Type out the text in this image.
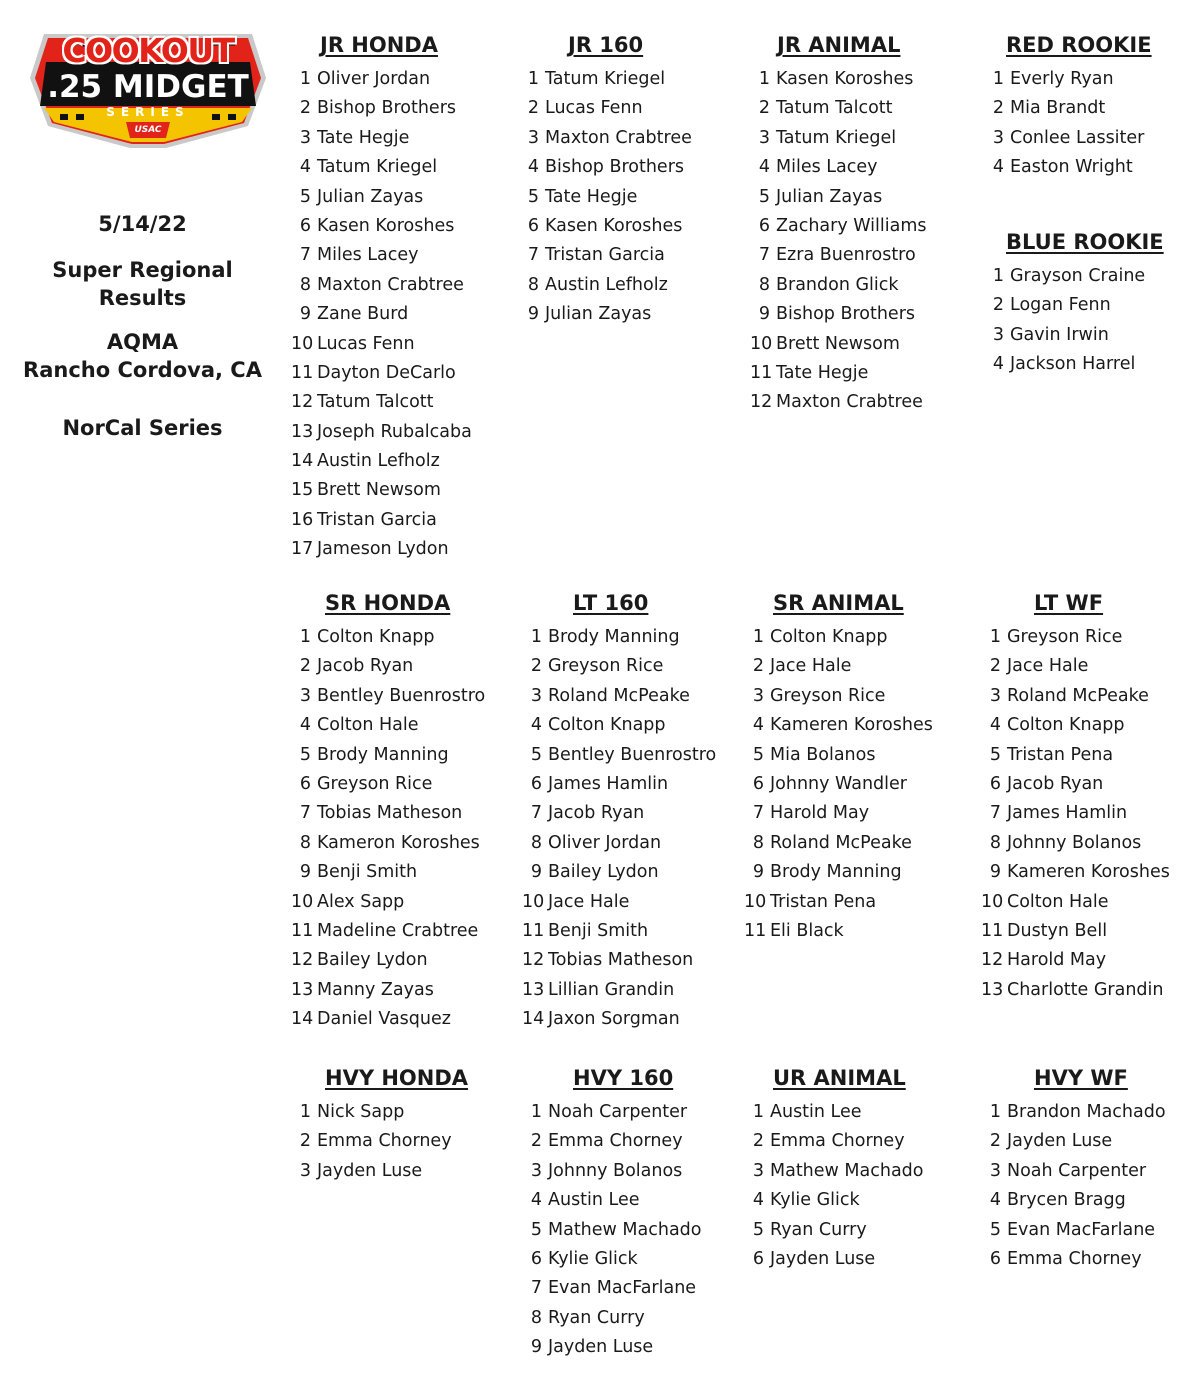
COOKOUT
.25 MIDGET
SERIES
USAC
5/14/22
Super Regional Results
AQMA
Rancho Cordova, CA
NorCal Series
JR HONDA
1 Oliver Jordan
2 Bishop Brothers
3 Tate Hegje
4 Tatum Kriegel
5 Julian Zayas
6 Kasen Koroshes
7 Miles Lacey
8 Maxton Crabtree
9 Zane Burd
10 Lucas Fenn
11 Dayton DeCarlo
12 Tatum Talcott
13 Joseph Rubalcaba
14 Austin Lefholz
15 Brett Newsom
16 Tristan Garcia
17 Jameson Lydon
JR 160
1 Tatum Kriegel
2 Lucas Fenn
3 Maxton Crabtree
4 Bishop Brothers
5 Tate Hegje
6 Kasen Koroshes
7 Tristan Garcia
8 Austin Lefholz
9 Julian Zayas
JR ANIMAL
1 Kasen Koroshes
2 Tatum Talcott
3 Tatum Kriegel
4 Miles Lacey
5 Julian Zayas
6 Zachary Williams
7 Ezra Buenrostro
8 Brandon Glick
9 Bishop Brothers
10 Brett Newsom
11 Tate Hegje
12 Maxton Crabtree
RED ROOKIE
1 Everly Ryan
2 Mia Brandt
3 Conlee Lassiter
4 Easton Wright
BLUE ROOKIE
1 Grayson Craine
2 Logan Fenn
3 Gavin Irwin
4 Jackson Harrel
SR HONDA
1 Colton Knapp
2 Jacob Ryan
3 Bentley Buenrostro
4 Colton Hale
5 Brody Manning
6 Greyson Rice
7 Tobias Matheson
8 Kameron Koroshes
9 Benji Smith
10 Alex Sapp
11 Madeline Crabtree
12 Bailey Lydon
13 Manny Zayas
14 Daniel Vasquez
LT 160
1 Brody Manning
2 Greyson Rice
3 Roland McPeake
4 Colton Knapp
5 Bentley Buenrostro
6 James Hamlin
7 Jacob Ryan
8 Oliver Jordan
9 Bailey Lydon
10 Jace Hale
11 Benji Smith
12 Tobias Matheson
13 Lillian Grandin
14 Jaxon Sorgman
SR ANIMAL
1 Colton Knapp
2 Jace Hale
3 Greyson Rice
4 Kameren Koroshes
5 Mia Bolanos
6 Johnny Wandler
7 Harold May
8 Roland McPeake
9 Brody Manning
10 Tristan Pena
11 Eli Black
LT WF
1 Greyson Rice
2 Jace Hale
3 Roland McPeake
4 Colton Knapp
5 Tristan Pena
6 Jacob Ryan
7 James Hamlin
8 Johnny Bolanos
9 Kameren Koroshes
10 Colton Hale
11 Dustyn Bell
12 Harold May
13 Charlotte Grandin
HVY HONDA
1 Nick Sapp
2 Emma Chorney
3 Jayden Luse
HVY 160
1 Noah Carpenter
2 Emma Chorney
3 Johnny Bolanos
4 Austin Lee
5 Mathew Machado
6 Kylie Glick
7 Evan MacFarlane
8 Ryan Curry
9 Jayden Luse
UR ANIMAL
1 Austin Lee
2 Emma Chorney
3 Mathew Machado
4 Kylie Glick
5 Ryan Curry
6 Jayden Luse
HVY WF
1 Brandon Machado
2 Jayden Luse
3 Noah Carpenter
4 Brycen Bragg
5 Evan MacFarlane
6 Emma Chorney
